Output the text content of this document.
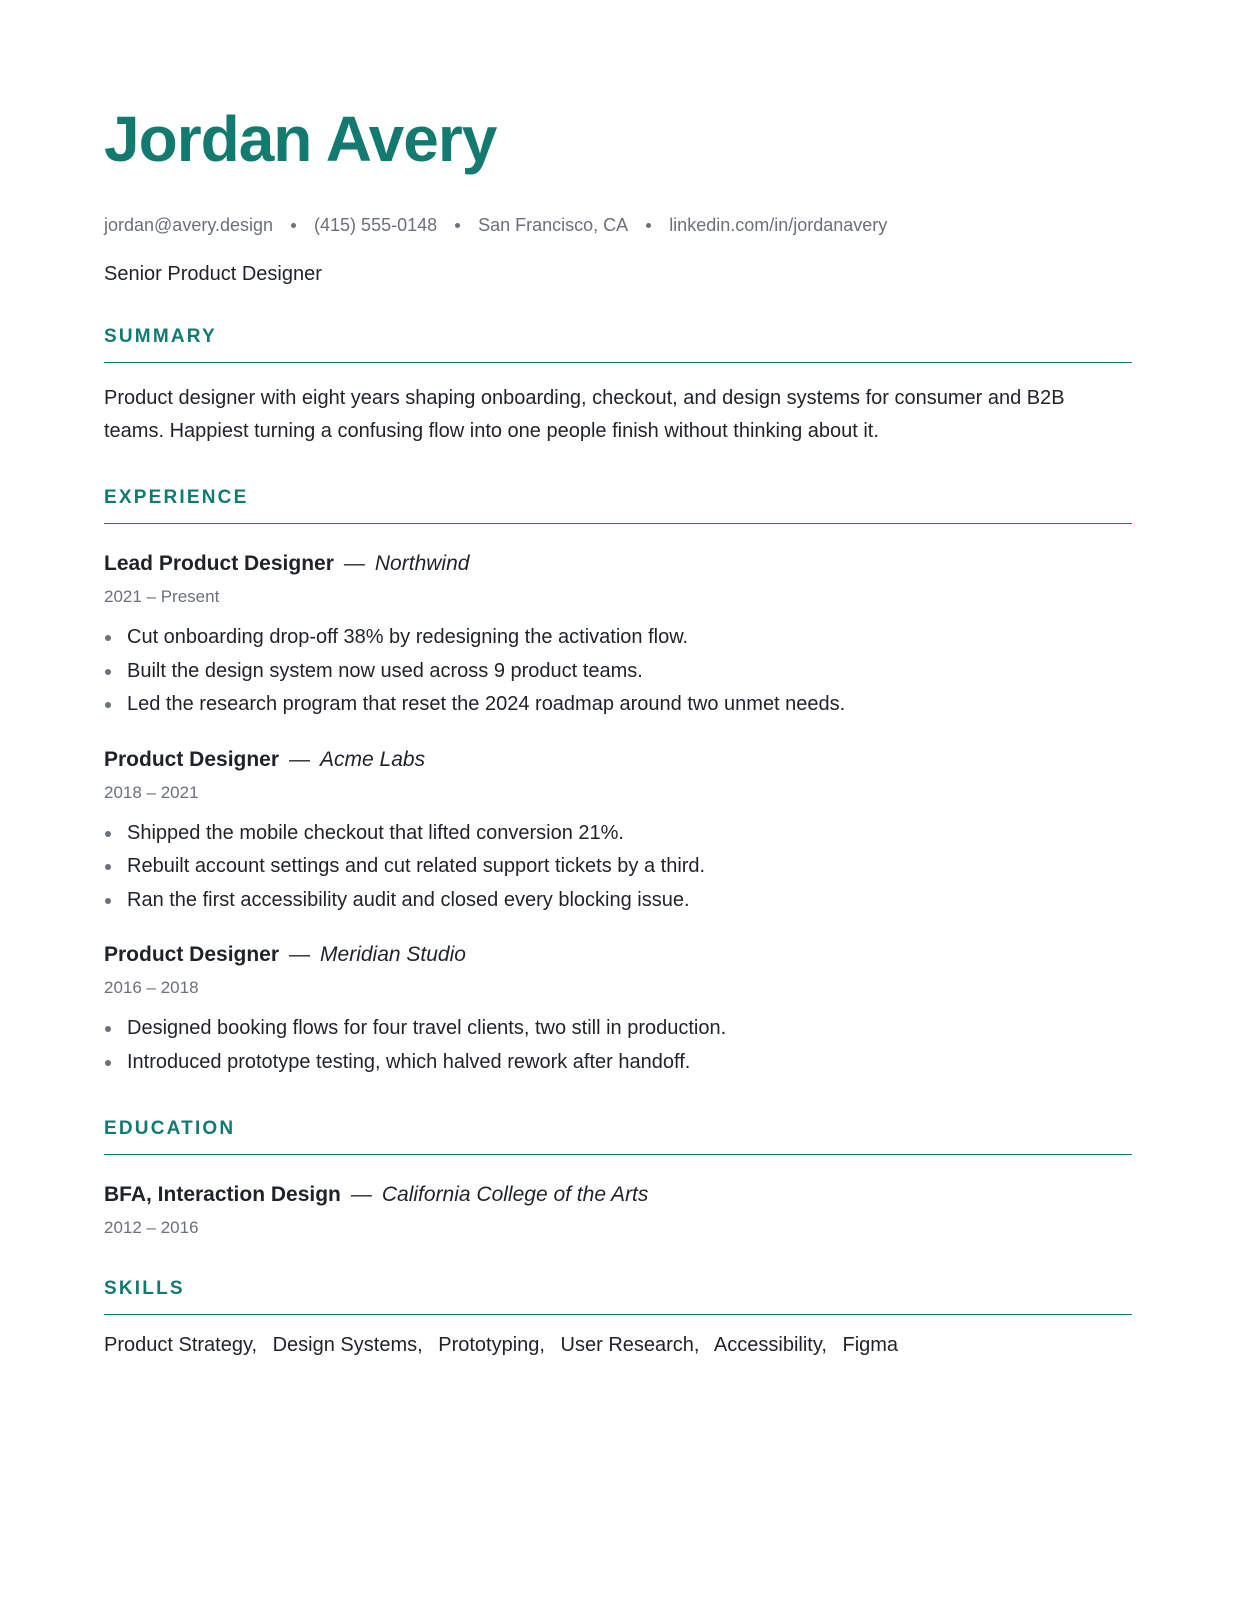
Jordan Avery
jordan@avery.design (415) 555-0148 San Francisco, CA linkedin.com/in/jordanavery
Senior Product Designer
SUMMARY

Product designer with eight years shaping onboarding, checkout, and design systems for consumer and B2B teams. Happiest turning a confusing flow into one people finish without thinking about it.

EXPERIENCE
Lead Product Designer — Northwind
2021 – Present
Cut onboarding drop-off 38% by redesigning the activation flow.
Built the design system now used across 9 product teams.
Led the research program that reset the 2024 roadmap around two unmet needs.
Product Designer — Acme Labs
2018 – 2021
Shipped the mobile checkout that lifted conversion 21%.
Rebuilt account settings and cut related support tickets by a third.
Ran the first accessibility audit and closed every blocking issue.
Product Designer — Meridian Studio
2016 – 2018
Designed booking flows for four travel clients, two still in production.
Introduced prototype testing, which halved rework after handoff.
EDUCATION
BFA, Interaction Design — California College of the Arts
2012 – 2016
SKILLS
Product Strategy, Design Systems, Prototyping, User Research, Accessibility, Figma
